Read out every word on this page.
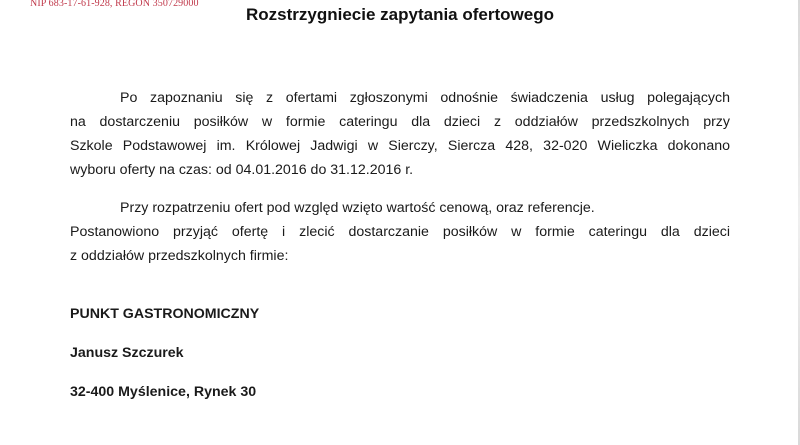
NIP 683-17-61-928, REGON 350729000
Rozstrzygniecie zapytania ofertowego
Po zapoznaniu się z ofertami zgłoszonymi odnośnie świadczenia usług polegających
na dostarczeniu posiłków w formie cateringu dla dzieci z oddziałów przedszkolnych przy
Szkole Podstawowej im. Królowej Jadwigi w Sierczy, Siercza 428, 32-020 Wieliczka dokonano
wyboru oferty na czas: od 04.01.2016 do 31.12.2016 r.
Przy rozpatrzeniu ofert pod względ wzięto wartość cenową, oraz referencje.
Postanowiono przyjąć ofertę i zlecić dostarczanie posiłków w formie cateringu dla dzieci
z oddziałów przedszkolnych firmie:
PUNKT GASTRONOMICZNY
Janusz Szczurek
32-400 Myślenice, Rynek 30
